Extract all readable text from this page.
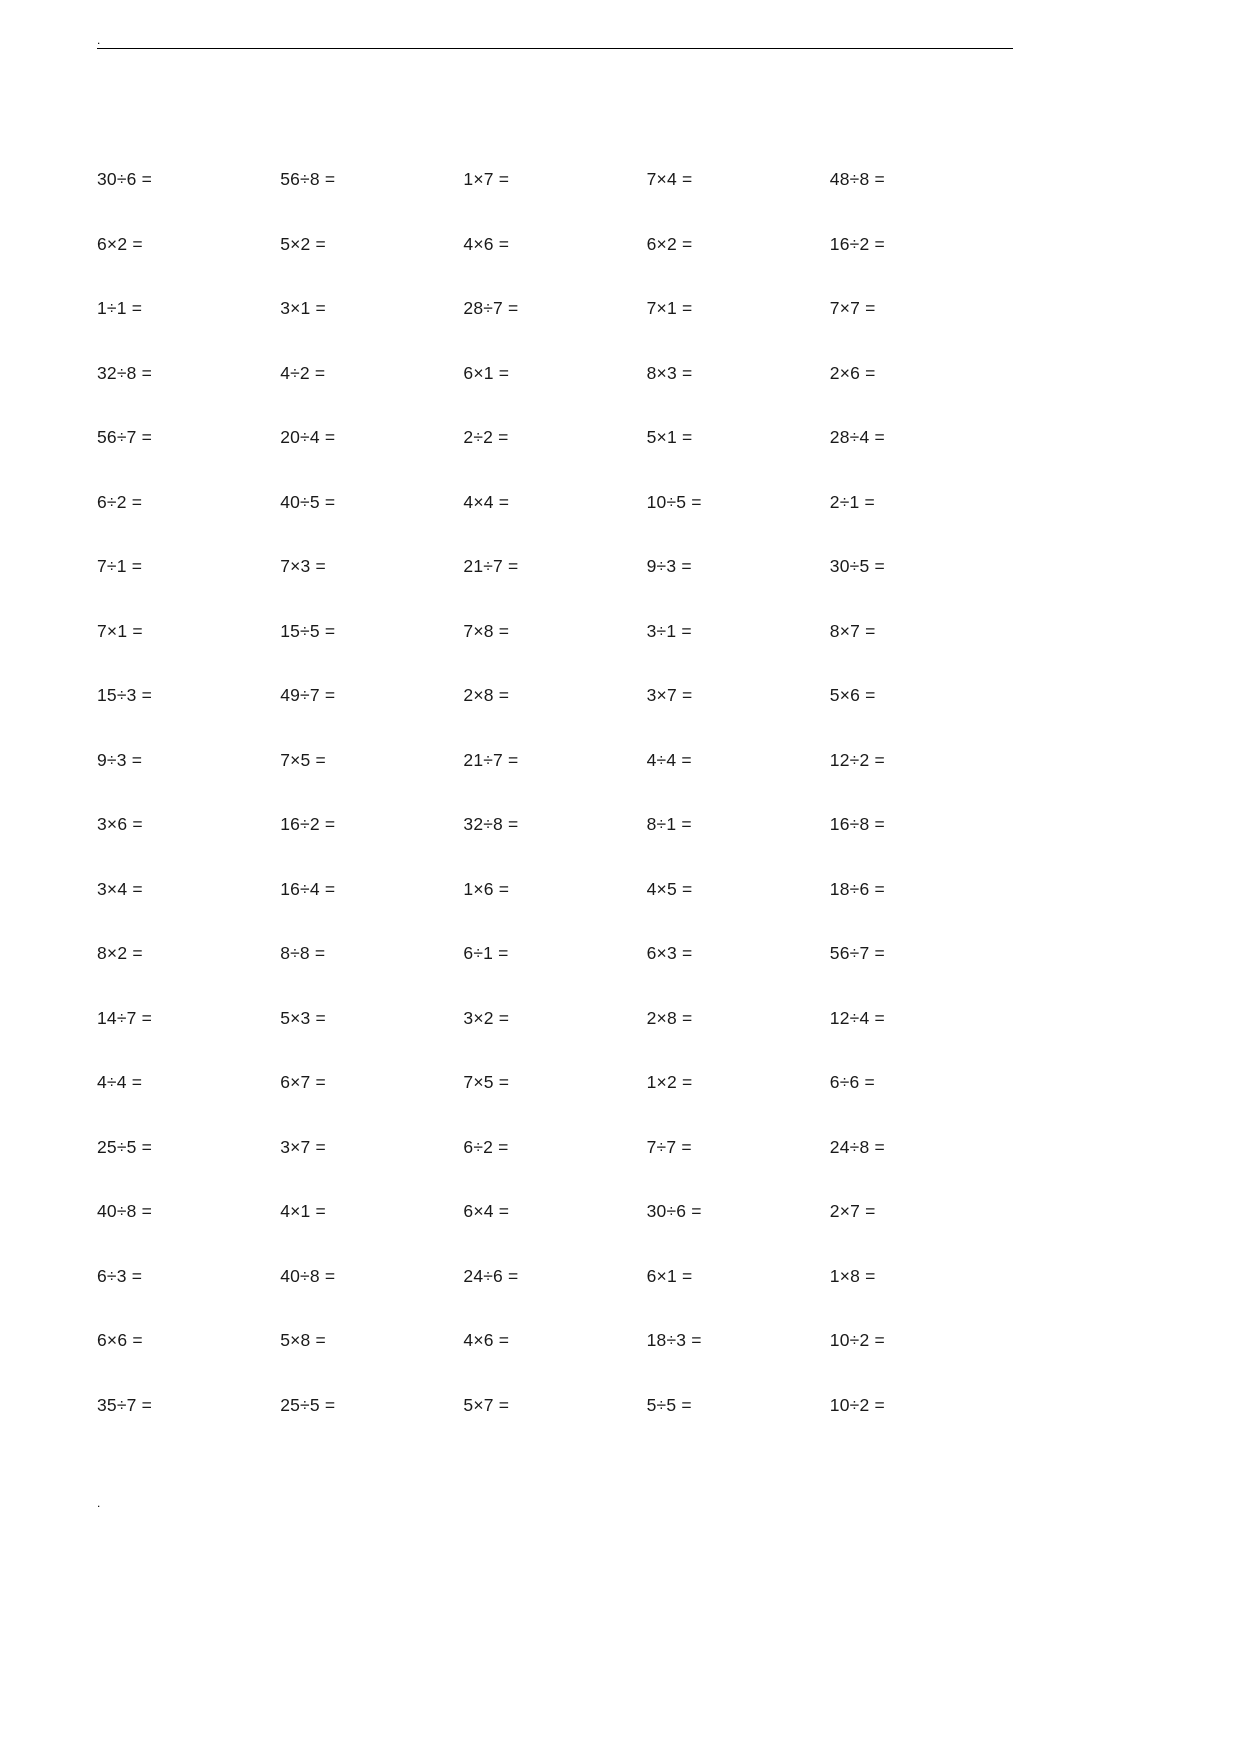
.
30÷6 =	56÷8 =	1×7 =	7×4 =	48÷8 =
6×2 =	5×2 =	4×6 =	6×2 =	16÷2 =
1÷1 =	3×1 =	28÷7 =	7×1 =	7×7 =
32÷8 =	4÷2 =	6×1 =	8×3 =	2×6 =
56÷7 =	20÷4 =	2÷2 =	5×1 =	28÷4 =
6÷2 =	40÷5 =	4×4 =	10÷5 =	2÷1 =
7÷1 =	7×3 =	21÷7 =	9÷3 =	30÷5 =
7×1 =	15÷5 =	7×8 =	3÷1 =	8×7 =
15÷3 =	49÷7 =	2×8 =	3×7 =	5×6 =
9÷3 =	7×5 =	21÷7 =	4÷4 =	12÷2 =
3×6 =	16÷2 =	32÷8 =	8÷1 =	16÷8 =
3×4 =	16÷4 =	1×6 =	4×5 =	18÷6 =
8×2 =	8÷8 =	6÷1 =	6×3 =	56÷7 =
14÷7 =	5×3 =	3×2 =	2×8 =	12÷4 =
4÷4 =	6×7 =	7×5 =	1×2 =	6÷6 =
25÷5 =	3×7 =	6÷2 =	7÷7 =	24÷8 =
40÷8 =	4×1 =	6×4 =	30÷6 =	2×7 =
6÷3 =	40÷8 =	24÷6 =	6×1 =	1×8 =
6×6 =	5×8 =	4×6 =	18÷3 =	10÷2 =
35÷7 =	25÷5 =	5×7 =	5÷5 =	10÷2 =
.
